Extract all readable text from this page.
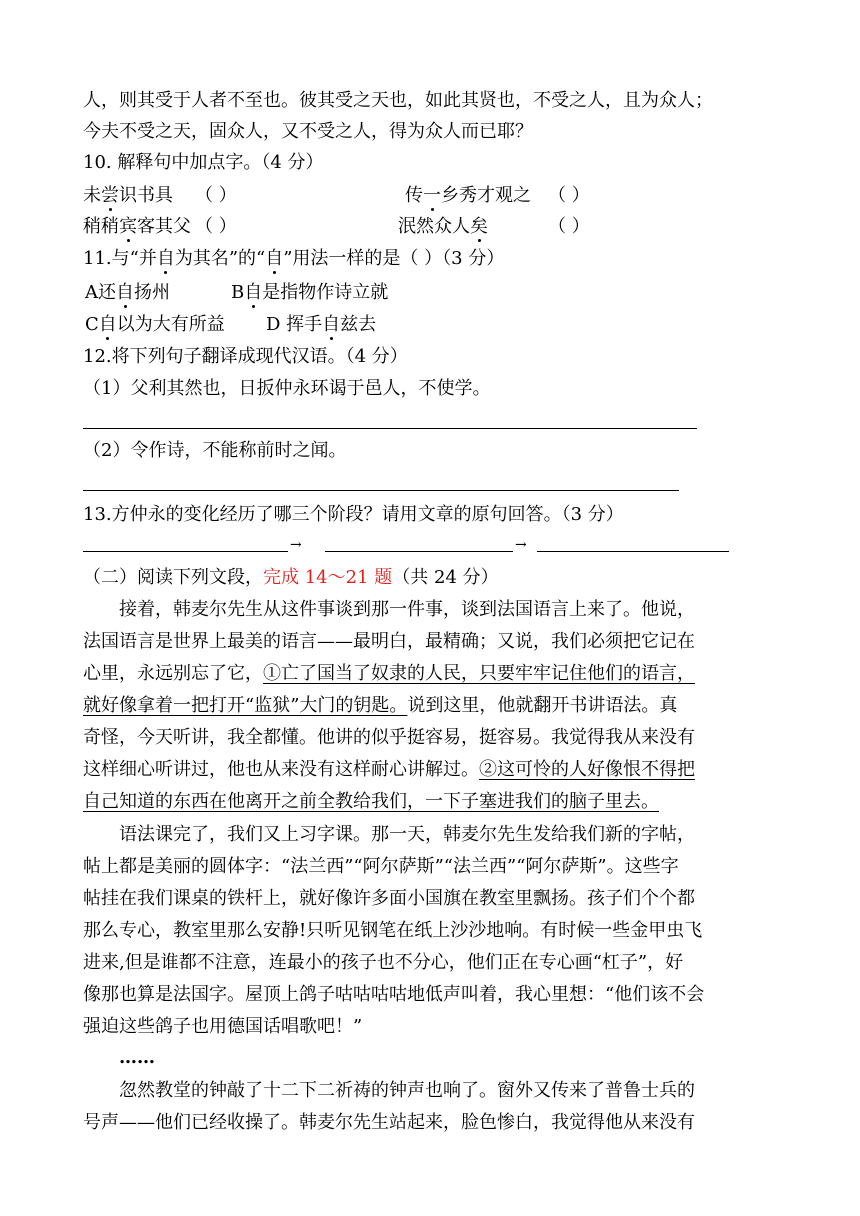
人，则其受于人者不至也。彼其受之天也，如此其贤也，不受之人，且为众人；
今夫不受之天，固众人，又不受之人，得为众人而已耶？
10. 解释句中加点字。（4 分）
未尝识书具 （ ）	传一乡秀才观之 （ ）
稍稍宾客其父 （ ）	泯然众人矣	（ ）
11.与“并自为其名”的“自”用法一样的是（ ）（3 分）
A还自扬州	B自是指物作诗立就
C自以为大有所益 D 挥手自兹去
12.将下列句子翻译成现代汉语。（4 分）
（1）父利其然也，日扳仲永环谒于邑人，不使学。
（2）令作诗，不能称前时之闻。
13.方仲永的变化经历了哪三个阶段？请用文章的原句回答。（3 分）
→	→
（二）阅读下列文段，完成 14～21 题（共 24 分）
接着，韩麦尔先生从这件事谈到那一件事，谈到法国语言上来了。他说，
法国语言是世界上最美的语言——最明白，最精确；又说，我们必须把它记在
心里，永远别忘了它，①亡了国当了奴隶的人民，只要牢牢记住他们的语言，
就好像拿着一把打开“监狱”大门的钥匙。说到这里，他就翻开书讲语法。真
奇怪，今天听讲，我全都懂。他讲的似乎挺容易，挺容易。我觉得我从来没有
这样细心听讲过，他也从来没有这样耐心讲解过。②这可怜的人好像恨不得把
自己知道的东西在他离开之前全教给我们，一下子塞进我们的脑子里去。
语法课完了，我们又上习字课。那一天，韩麦尔先生发给我们新的字帖，
帖上都是美丽的圆体字：“法兰西”“阿尔萨斯”“法兰西”“阿尔萨斯”。这些字
帖挂在我们课桌的铁杆上，就好像许多面小国旗在教室里飘扬。孩子们个个都
那么专心，教室里那么安静!只听见钢笔在纸上沙沙地响。有时候一些金甲虫飞
进来,但是谁都不注意，连最小的孩子也不分心，他们正在专心画“杠子”，好
像那也算是法国字。屋顶上鸽子咕咕咕咕地低声叫着，我心里想：“他们该不会
强迫这些鸽子也用德国话唱歌吧！”
……
忽然教堂的钟敲了十二下二祈祷的钟声也响了。窗外又传来了普鲁士兵的
号声——他们已经收操了。韩麦尔先生站起来，脸色惨白，我觉得他从来没有
